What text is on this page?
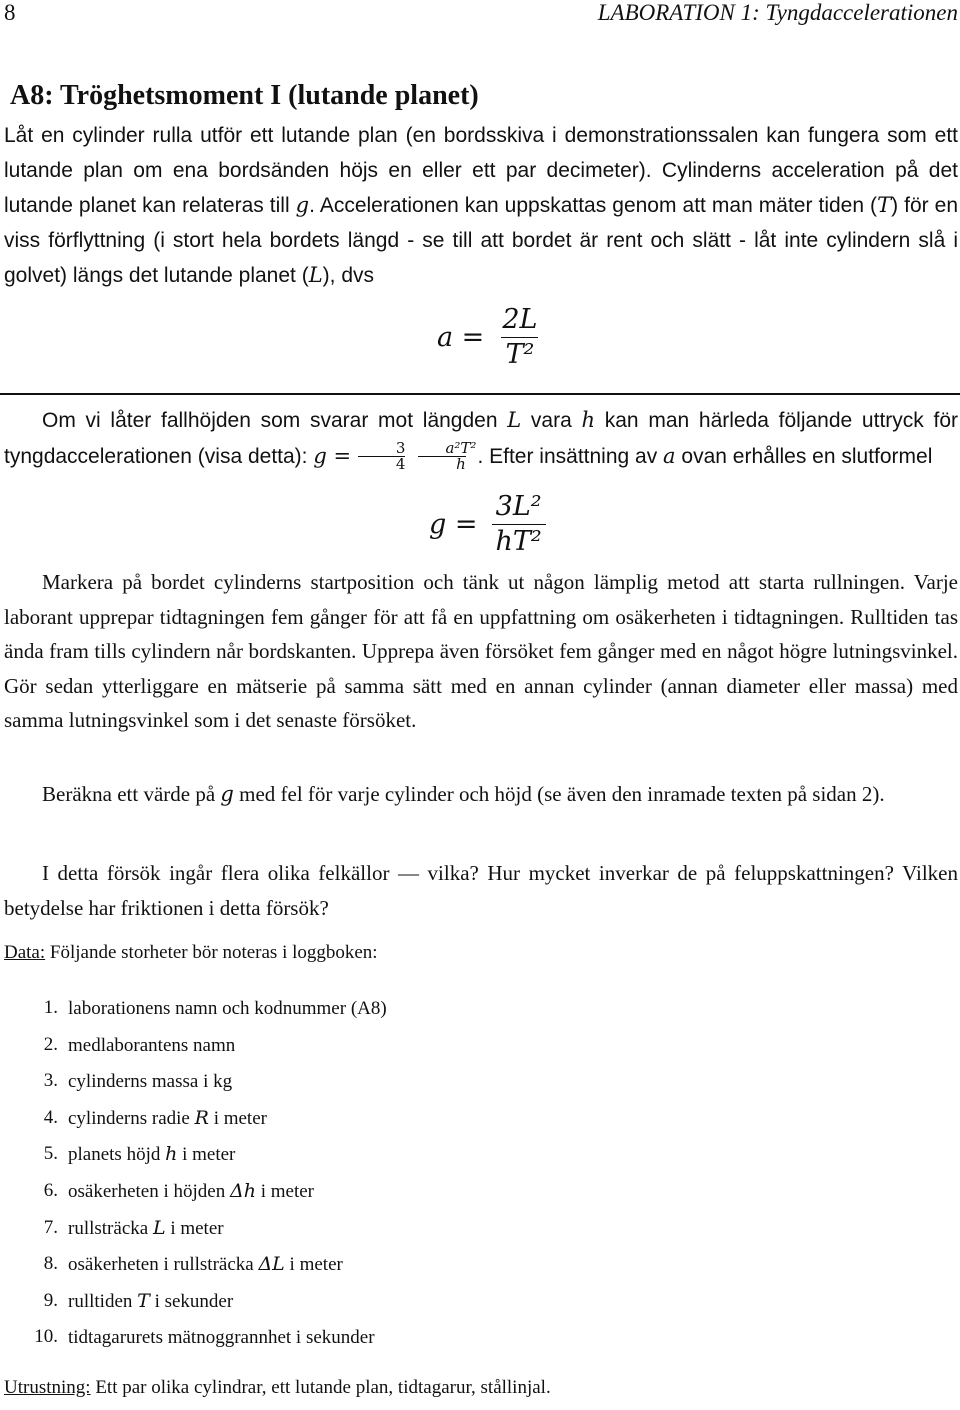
8	LABORATION 1: Tyngdaccelerationen
A8: Tröghetsmoment I (lutande planet)

Låt en cylinder rulla utför ett lutande plan (en bordsskiva i demonstrationssalen kan fungera som ett lutande plan om ena bordsänden höjs en eller ett par decimeter). Cylinderns acceleration på det lutande planet kan relateras till g. Accelerationen kan uppskattas genom att man mäter tiden (T) för en viss förflyttning (i stort hela bordets längd - se till att bordet är rent och slätt - låt inte cylindern slå i golvet) längs det lutande planet (L), dvs

$a = \frac{2L}{\text{T²}}$

Om vi låter fallhöjden som svarar mot längden L vara h kan man härleda följande uttryck för tyngdaccelerationen (visa detta): $g = \frac{3}{4} \frac{\text{a²T²}}{h}$ . Efter insättning av a ovan erhålles en slutformel

$g = \frac{\text{3L²}}{\text{hT²}}$

Markera på bordet cylinderns startposition och tänk ut någon lämplig metod att starta rullningen. Varje laborant upprepar tidtagningen fem gånger för att få en uppfattning om osäkerheten i tidtagningen. Rulltiden tas ända fram tills cylindern når bordskanten. Upprepa även försöket fem gånger med en något högre lutningsvinkel. Gör sedan ytterliggare en mätserie på samma sätt med en annan cylinder (annan diameter eller massa) med samma lutningsvinkel som i det senaste försöket.

Beräkna ett värde på g med fel för varje cylinder och höjd (se även den inramade texten på sidan 2).

I detta försök ingår flera olika felkällor — vilka? Hur mycket inverkar de på feluppskattningen? Vilken betydelse har friktionen i detta försök?

Data: Följande storheter bör noteras i loggboken:

1. laborationens namn och kodnummer (A8)
2. medlaborantens namn
3. cylinderns massa i kg
4. cylinderns radie R i meter
5. planets höjd h i meter
6. osäkerheten i höjden Δh i meter
7. rullsträcka L i meter
8. osäkerheten i rullsträcka ΔL i meter
9. rulltiden T i sekunder
10. tidtagarurets mätnoggrannhet i sekunder

Utrustning: Ett par olika cylindrar, ett lutande plan, tidtagarur, stållinjal.
